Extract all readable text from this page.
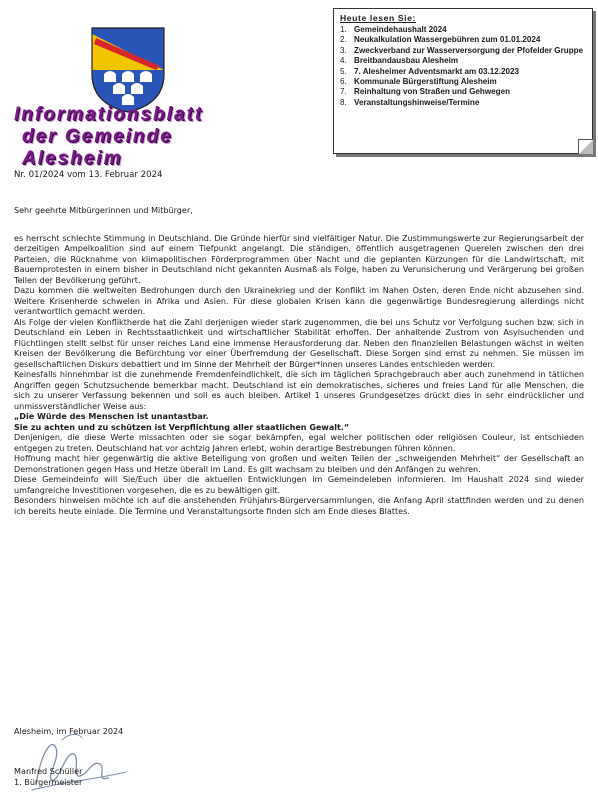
Informationsblatt

der Gemeinde Alesheim

Nr. 01/2024 vom 13. Februar 2024
Heute lesen Sie:
1. Gemeindehaushalt 2024
2. Neukalkulation Wassergebühren zum 01.01.2024
3. Zweckverband zur Wasserversorgung der Pfofelder Gruppe
4. Breitbandausbau Alesheim
5. 7. Alesheimer Adventsmarkt am 03.12.2023
6. Kommunale Bürgerstiftung Alesheim
7. Reinhaltung von Straßen und Gehwegen
8. Veranstaltungshinweise/Termine

Sehr geehrte Mitbürgerinnen und Mitbürger,

es herrscht schlechte Stimmung in Deutschland. Die Gründe hierfür sind vielfältiger Natur. Die Zustimmungswerte zur Regierungsarbeit der derzeitigen Ampelkoalition sind auf einem Tiefpunkt angelangt. Die ständigen, öffentlich ausgetragenen Querelen zwischen den drei Parteien, die Rücknahme von klimapolitischen Förderprogrammen über Nacht und die geplanten Kürzungen für die Landwirtschaft, mit Bauernprotesten in einem bisher in Deutschland nicht gekannten Ausmaß als Folge, haben zu Verunsicherung und Verärgerung bei großen Teilen der Bevölkerung geführt.

Dazu kommen die weltweiten Bedrohungen durch den Ukrainekrieg und der Konflikt im Nahen Osten, deren Ende nicht abzusehen sind. Weitere Krisenherde schwelen in Afrika und Asien. Für diese globalen Krisen kann die gegenwärtige Bundesregierung allerdings nicht verantwortlich gemacht werden.

Als Folge der vielen Konfliktherde hat die Zahl derjenigen wieder stark zugenommen, die bei uns Schutz vor Verfolgung suchen bzw. sich in Deutschland ein Leben in Rechtsstaatlichkeit und wirtschaftlicher Stabilität erhoffen. Der anhaltende Zustrom von Asylsuchenden und Flüchtlingen stellt selbst für unser reiches Land eine immense Herausforderung dar. Neben den finanziellen Belastungen wächst in weiten Kreisen der Bevölkerung die Befürchtung vor einer Überfremdung der Gesellschaft. Diese Sorgen sind ernst zu nehmen. Sie müssen im gesellschaftlichen Diskurs debattiert und im Sinne der Mehrheit der Bürger*innen unseres Landes entschieden werden.

Keinesfalls hinnehmbar ist die zunehmende Fremdenfeindlichkeit, die sich im täglichen Sprachgebrauch aber auch zunehmend in tätlichen Angriffen gegen Schutzsuchende bemerkbar macht. Deutschland ist ein demokratisches, sicheres und freies Land für alle Menschen, die sich zu unserer Verfassung bekennen und soll es auch bleiben. Artikel 1 unseres Grundgesetzes drückt dies in sehr eindrücklicher und unmissverständlicher Weise aus:

„Die Würde des Menschen ist unantastbar.

Sie zu achten und zu schützen ist Verpflichtung aller staatlichen Gewalt.“

Denjenigen, die diese Werte missachten oder sie sogar bekämpfen, egal welcher politischen oder religiösen Couleur, ist entschieden entgegen zu treten. Deutschland hat vor achtzig Jahren erlebt, wohin derartige Bestrebungen führen können.

Hoffnung macht hier gegenwärtig die aktive Beteiligung von großen und weiten Teilen der „schweigenden Mehrheit“ der Gesellschaft an Demonstrationen gegen Hass und Hetze überall im Land. Es gilt wachsam zu bleiben und den Anfängen zu wehren.

Diese Gemeindeinfo will Sie/Euch über die aktuellen Entwicklungen im Gemeindeleben informieren. Im Haushalt 2024 sind wieder umfangreiche Investitionen vorgesehen, die es zu bewältigen gilt.

Besonders hinweisen möchte ich auf die anstehenden Frühjahrs-Bürgerversammlungen, die Anfang April stattfinden werden und zu denen ich bereits heute einlade. Die Termine und Veranstaltungsorte finden sich am Ende dieses Blattes.

Alesheim, im Februar 2024
Manfred Schüller
1. Bürgermeister
